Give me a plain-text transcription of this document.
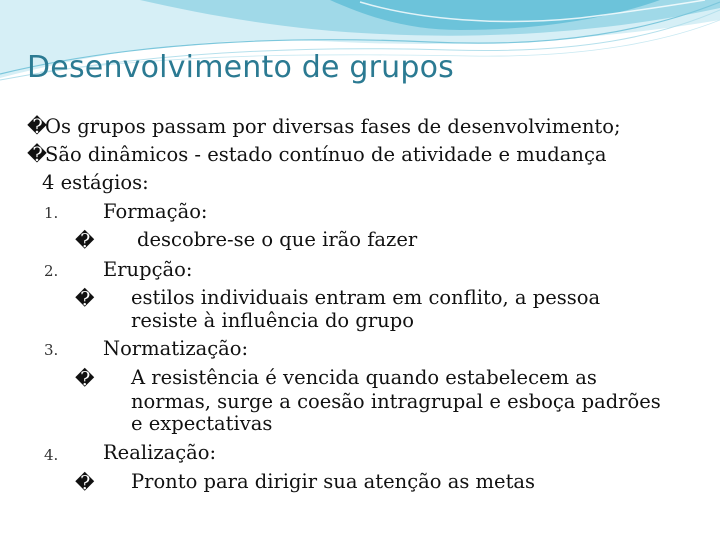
Desenvolvimento de grupos
�Os grupos passam por diversas fases de desenvolvimento;
�São dinâmicos - estado contínuo de atividade e mudança
4 estágios:
1. Formação:
� descobre-se o que irão fazer
2. Erupção:
� estilos individuais entram em conflito, a pessoa
resiste à influência do grupo
3. Normatização:
� A resistência é vencida quando estabelecem as
normas, surge a coesão intragrupal e esboça padrões
e expectativas
4. Realização:
� Pronto para dirigir sua atenção as metas
